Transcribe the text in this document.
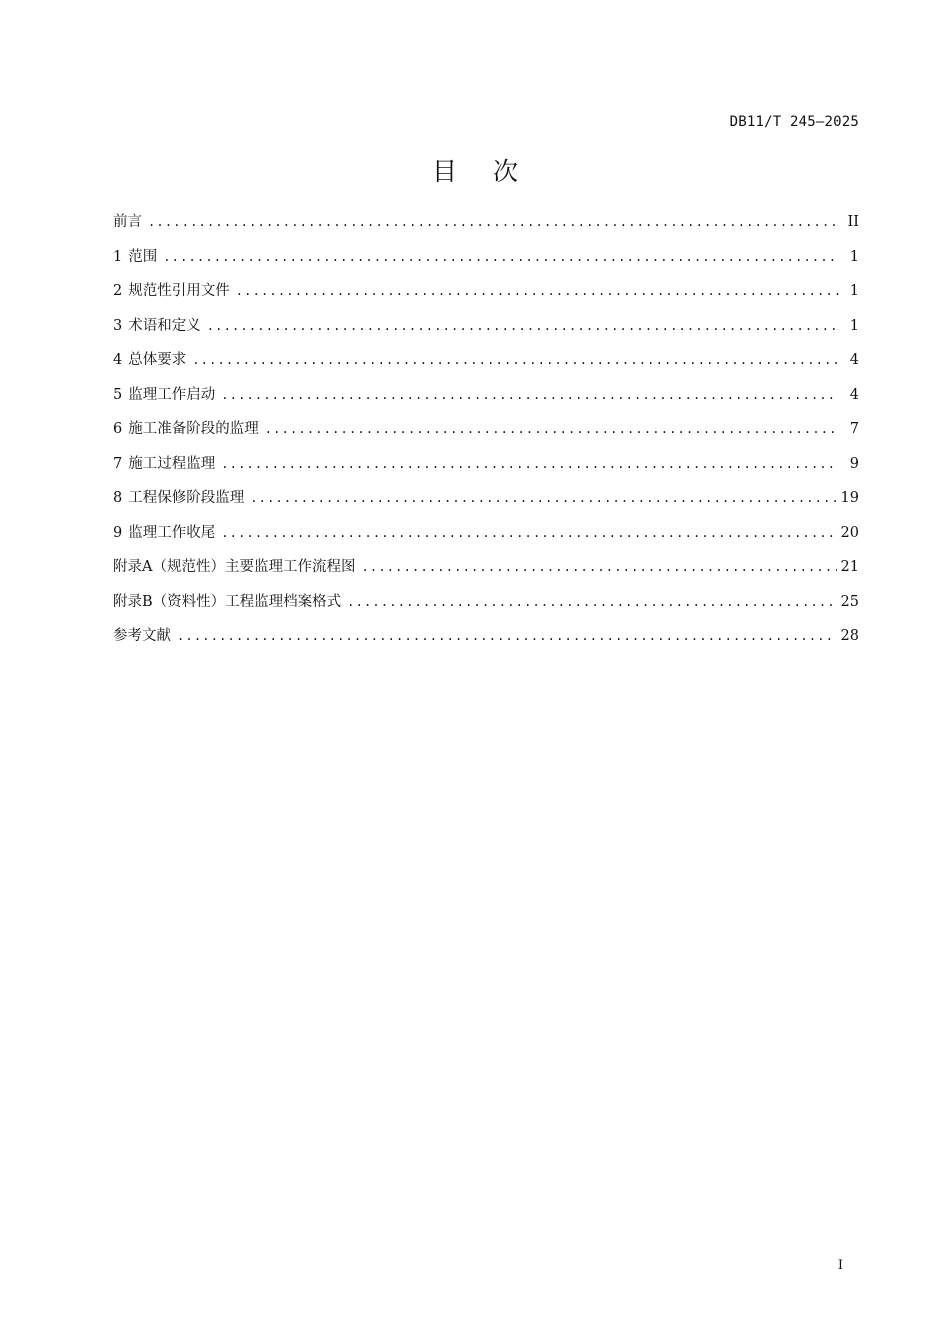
DB11/T 245—2025
目 次
前言 .....	II
1 范围 .....	1
2 规范性引用文件 .....	1
3 术语和定义 .....	1
4 总体要求 .....	4
5 监理工作启动 .....	4
6 施工准备阶段的监理 .....	7
7 施工过程监理 .....	9
8 工程保修阶段监理 .....	19
9 监理工作收尾 .....	20
附录A（规范性）主要监理工作流程图 .....	21
附录B（资料性）工程监理档案格式 .....	25
参考文献 .....	28
I
